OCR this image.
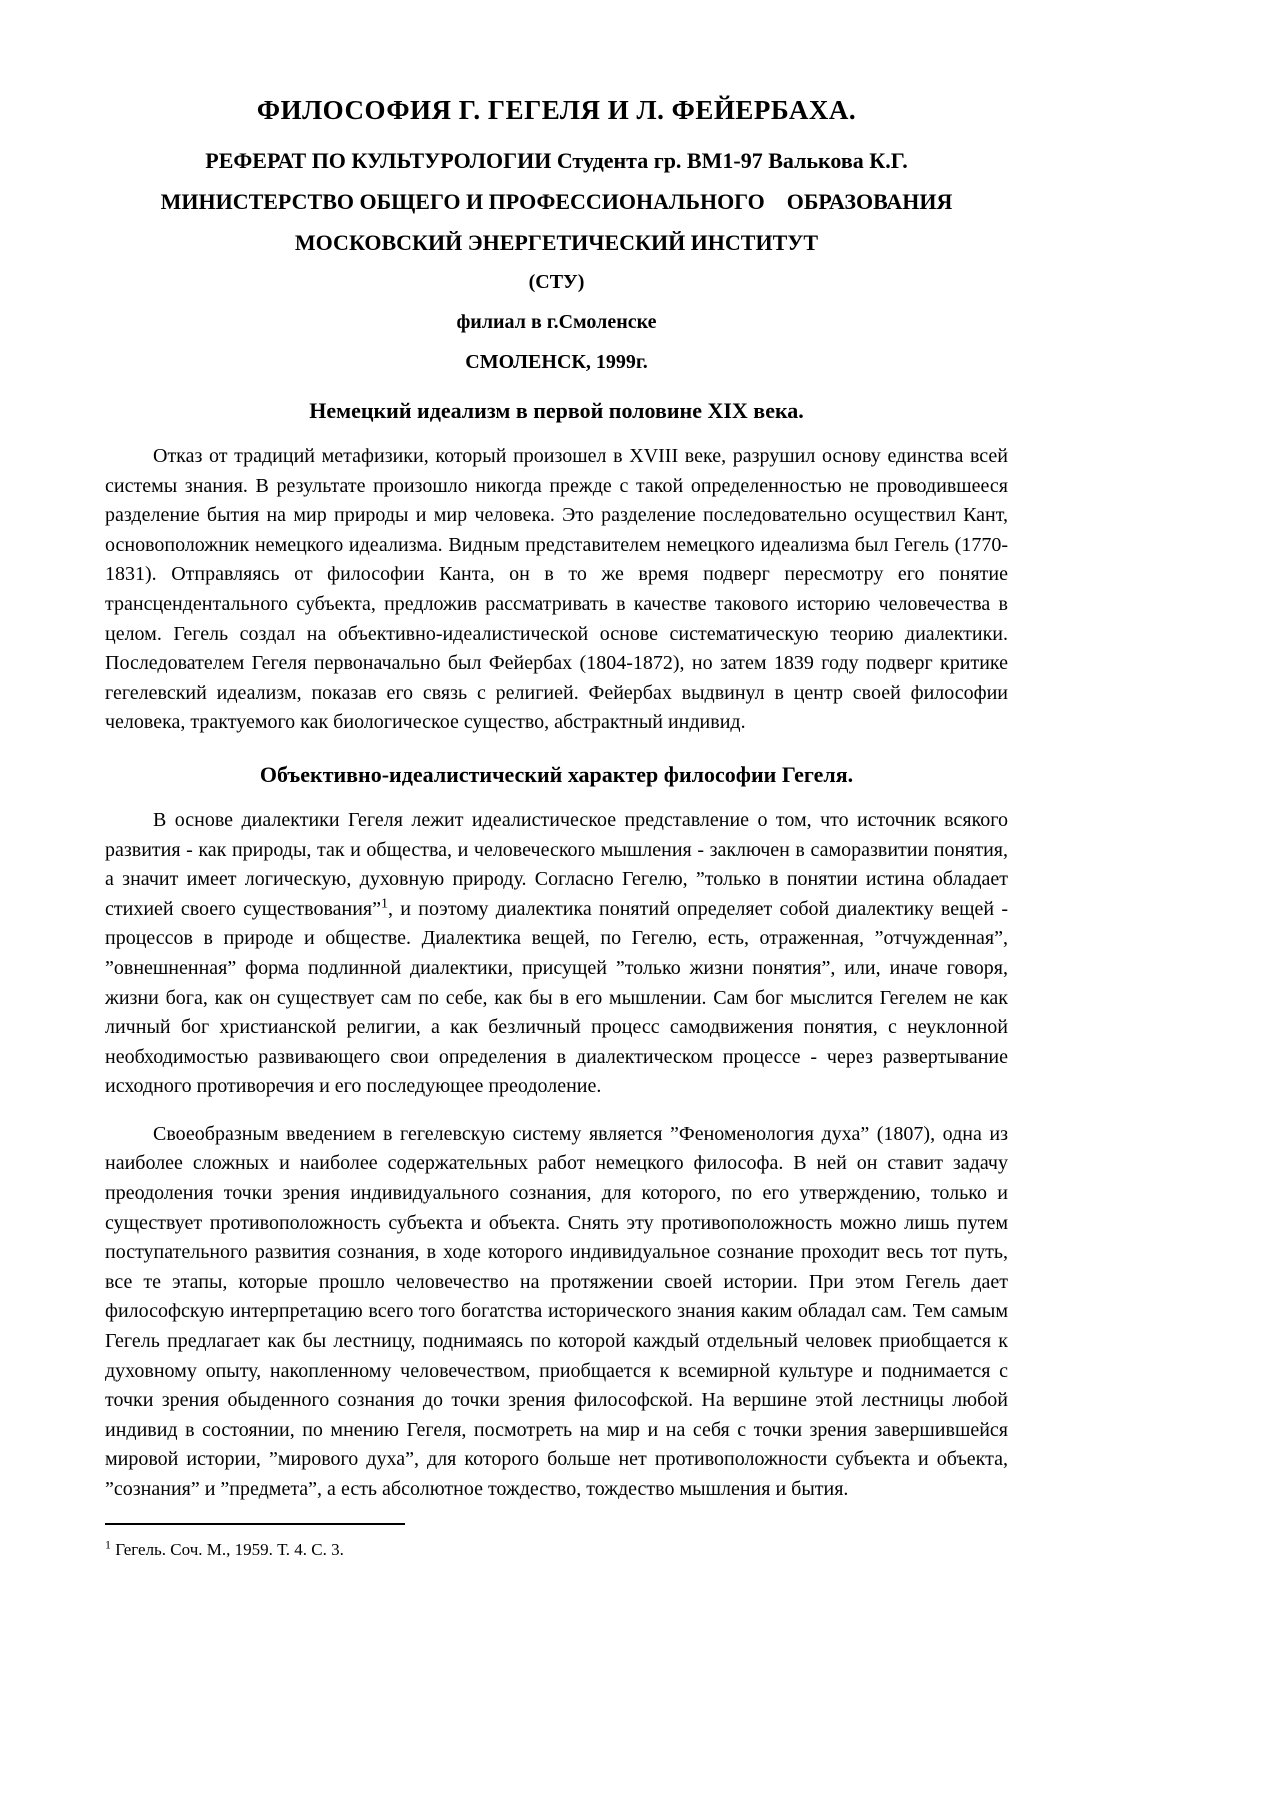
ФИЛОСОФИЯ Г. ГЕГЕЛЯ И Л. ФЕЙЕРБАХА.

РЕФЕРАТ ПО КУЛЬТУРОЛОГИИ Студента гр. ВМ1-97 Валькова К.Г.

МИНИСТЕРСТВО ОБЩЕГО И ПРОФЕССИОНАЛЬНОГО    ОБРАЗОВАНИЯ

МОСКОВСКИЙ ЭНЕРГЕТИЧЕСКИЙ ИНСТИТУТ

(СТУ)

филиал в г.Смоленске

СМОЛЕНСК, 1999г.

Немецкий идеализм в первой половине XIX века.

Отказ от традиций метафизики, который произошел в XVIII веке, разрушил основу единства всей системы знания. В результате произошло никогда прежде с такой определенностью не проводившееся разделение бытия на мир природы и мир человека. Это разделение последовательно осуществил Кант, основоположник немецкого идеализма. Видным представителем немецкого идеализма был Гегель (1770-1831). Отправляясь от философии Канта, он в то же время подверг пересмотру его понятие трансцендентального субъекта, предложив рассматривать в качестве такового историю человечества в целом. Гегель создал на объективно-идеалистической основе систематическую теорию диалектики. Последователем Гегеля первоначально был Фейербах (1804-1872), но затем 1839 году подверг критике гегелевский идеализм, показав его связь с религией. Фейербах выдвинул в центр своей философии человека, трактуемого как биологическое существо, абстрактный индивид.

Объективно-идеалистический характер философии Гегеля.

В основе диалектики Гегеля лежит идеалистическое представление о том, что источник всякого развития - как природы, так и общества, и человеческого мышления - заключен в саморазвитии понятия, а значит имеет логическую, духовную природу. Согласно Гегелю, ”только в понятии истина обладает стихией своего существования”$^1$, и поэтому диалектика понятий определяет собой диалектику вещей - процессов в природе и обществе. Диалектика вещей, по Гегелю, есть, отраженная, ”отчужденная”, ”овнешненная” форма подлинной диалектики, присущей ”только жизни понятия”, или, иначе говоря, жизни бога, как он существует сам по себе, как бы в его мышлении. Сам бог мыслится Гегелем не как личный бог христианской религии, а как безличный процесс самодвижения понятия, с неуклонной необходимостью развивающего свои определения в диалектическом процессе - через развертывание исходного противоречия и его последующее преодоление.

Своеобразным введением в гегелевскую систему является ”Феноменология духа” (1807), одна из наиболее сложных и наиболее содержательных работ немецкого философа. В ней он ставит задачу преодоления точки зрения индивидуального сознания, для которого, по его утверждению, только и существует противоположность субъекта и объекта. Снять эту противоположность можно лишь путем поступательного развития сознания, в ходе которого индивидуальное сознание проходит весь тот путь, все те этапы, которые прошло человечество на протяжении своей истории. При этом Гегель дает философскую интерпретацию всего того богатства исторического знания каким обладал сам. Тем самым Гегель предлагает как бы лестницу, поднимаясь по которой каждый отдельный человек приобщается к духовному опыту, накопленному человечеством, приобщается к всемирной культуре и поднимается с точки зрения обыденного сознания до точки зрения философской. На вершине этой лестницы любой индивид в состоянии, по мнению Гегеля, посмотреть на мир и на себя с точки зрения завершившейся мировой истории, ”мирового духа”, для которого больше нет противоположности субъекта и объекта, ”сознания” и ”предмета”, а есть абсолютное тождество, тождество мышления и бытия.

$^1$ Гегель. Соч. М., 1959. Т. 4. С. 3.
